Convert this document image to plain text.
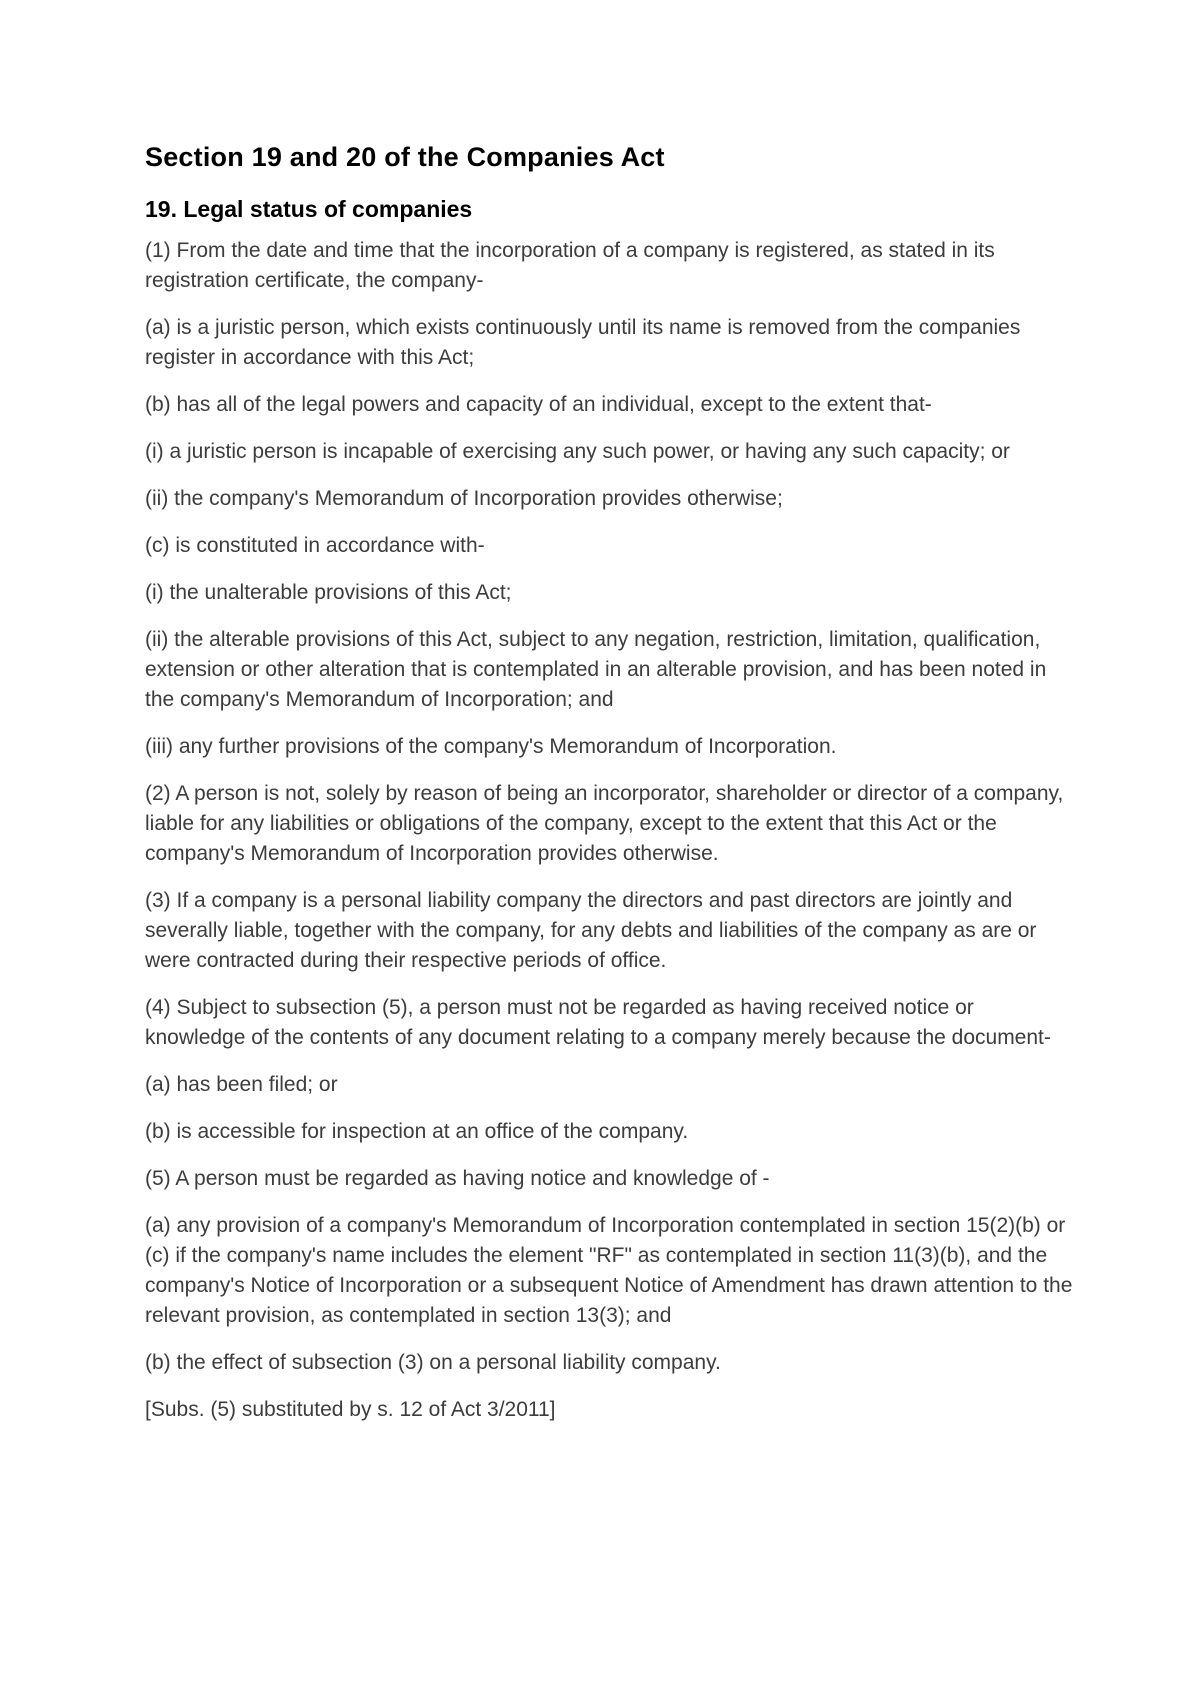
Section 19 and 20 of the Companies Act
19. Legal status of companies

(1) From the date and time that the incorporation of a company is registered, as stated in its registration certificate, the company-

(a) is a juristic person, which exists continuously until its name is removed from the companies register in accordance with this Act;

(b) has all of the legal powers and capacity of an individual, except to the extent that-

(i) a juristic person is incapable of exercising any such power, or having any such capacity; or

(ii) the company's Memorandum of Incorporation provides otherwise;

(c) is constituted in accordance with-

(i) the unalterable provisions of this Act;

(ii) the alterable provisions of this Act, subject to any negation, restriction, limitation, qualification, extension or other alteration that is contemplated in an alterable provision, and has been noted in the company's Memorandum of Incorporation; and

(iii) any further provisions of the company's Memorandum of Incorporation.

(2) A person is not, solely by reason of being an incorporator, shareholder or director of a company, liable for any liabilities or obligations of the company, except to the extent that this Act or the company's Memorandum of Incorporation provides otherwise.

(3) If a company is a personal liability company the directors and past directors are jointly and severally liable, together with the company, for any debts and liabilities of the company as are or were contracted during their respective periods of office.

(4) Subject to subsection (5), a person must not be regarded as having received notice or knowledge of the contents of any document relating to a company merely because the document-

(a) has been filed; or

(b) is accessible for inspection at an office of the company.

(5) A person must be regarded as having notice and knowledge of -

(a) any provision of a company's Memorandum of Incorporation contemplated in section 15(2)(b) or (c) if the company's name includes the element "RF" as contemplated in section 11(3)(b), and the company's Notice of Incorporation or a subsequent Notice of Amendment has drawn attention to the relevant provision, as contemplated in section 13(3); and

(b) the effect of subsection (3) on a personal liability company.

[Subs. (5) substituted by s. 12 of Act 3/2011]
